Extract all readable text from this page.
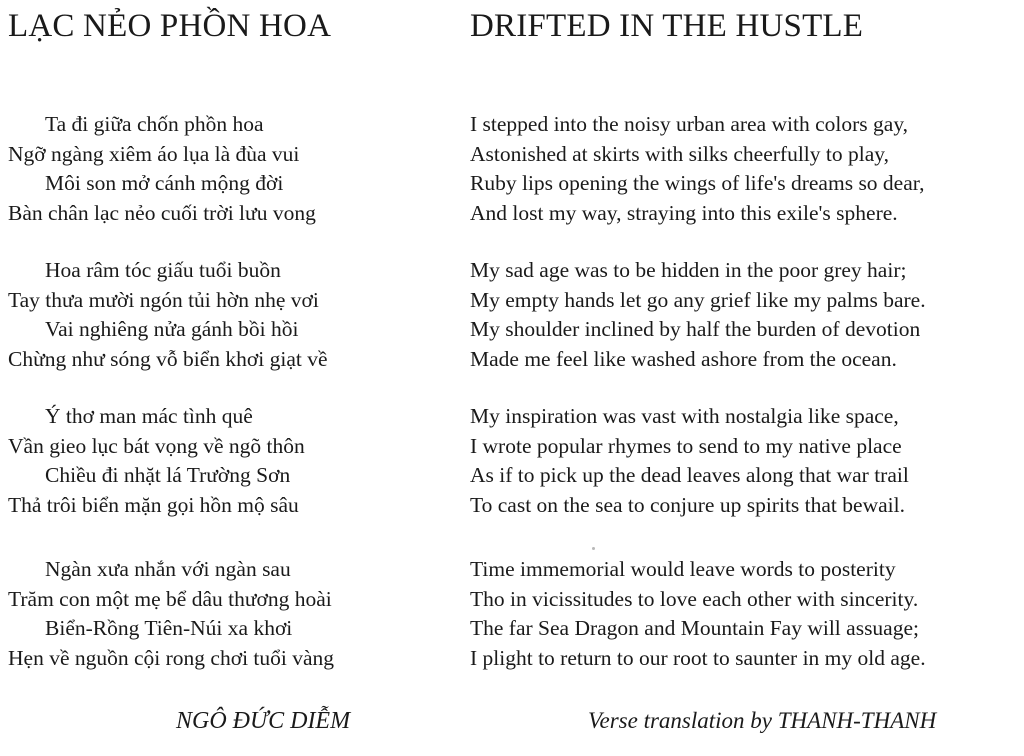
LẠC NẺO PHỒN HOA
Ta đi giữa chốn phồn hoa
Ngỡ ngàng xiêm áo lụa là đùa vui
Môi son mở cánh mộng đời
Bàn chân lạc nẻo cuối trời lưu vong
Hoa râm tóc giấu tuổi buồn
Tay thưa mười ngón tủi hờn nhẹ vơi
Vai nghiêng nửa gánh bồi hồi
Chừng như sóng vỗ biển khơi giạt về
Ý thơ man mác tình quê
Vần gieo lục bát vọng về ngõ thôn
Chiều đi nhặt lá Trường Sơn
Thả trôi biển mặn gọi hồn mộ sâu
Ngàn xưa nhắn với ngàn sau
Trăm con một mẹ bể dâu thương hoài
Biển-Rồng Tiên-Núi xa khơi
Hẹn về nguồn cội rong chơi tuổi vàng
NGÔ ĐỨC DIỄM
DRIFTED IN THE HUSTLE
I stepped into the noisy urban area with colors gay,
Astonished at skirts with silks cheerfully to play,
Ruby lips opening the wings of life's dreams so dear,
And lost my way, straying into this exile's sphere.
My sad age was to be hidden in the poor grey hair;
My empty hands let go any grief like my palms bare.
My shoulder inclined by half the burden of devotion
Made me feel like washed ashore from the ocean.
My inspiration was vast with nostalgia like space,
I wrote popular rhymes to send to my native place
As if to pick up the dead leaves along that war trail
To cast on the sea to conjure up spirits that bewail.
Time immemorial would leave words to posterity
Tho in vicissitudes to love each other with sincerity.
The far Sea Dragon and Mountain Fay will assuage;
I plight to return to our root to saunter in my old age.
Verse translation by THANH-THANH
